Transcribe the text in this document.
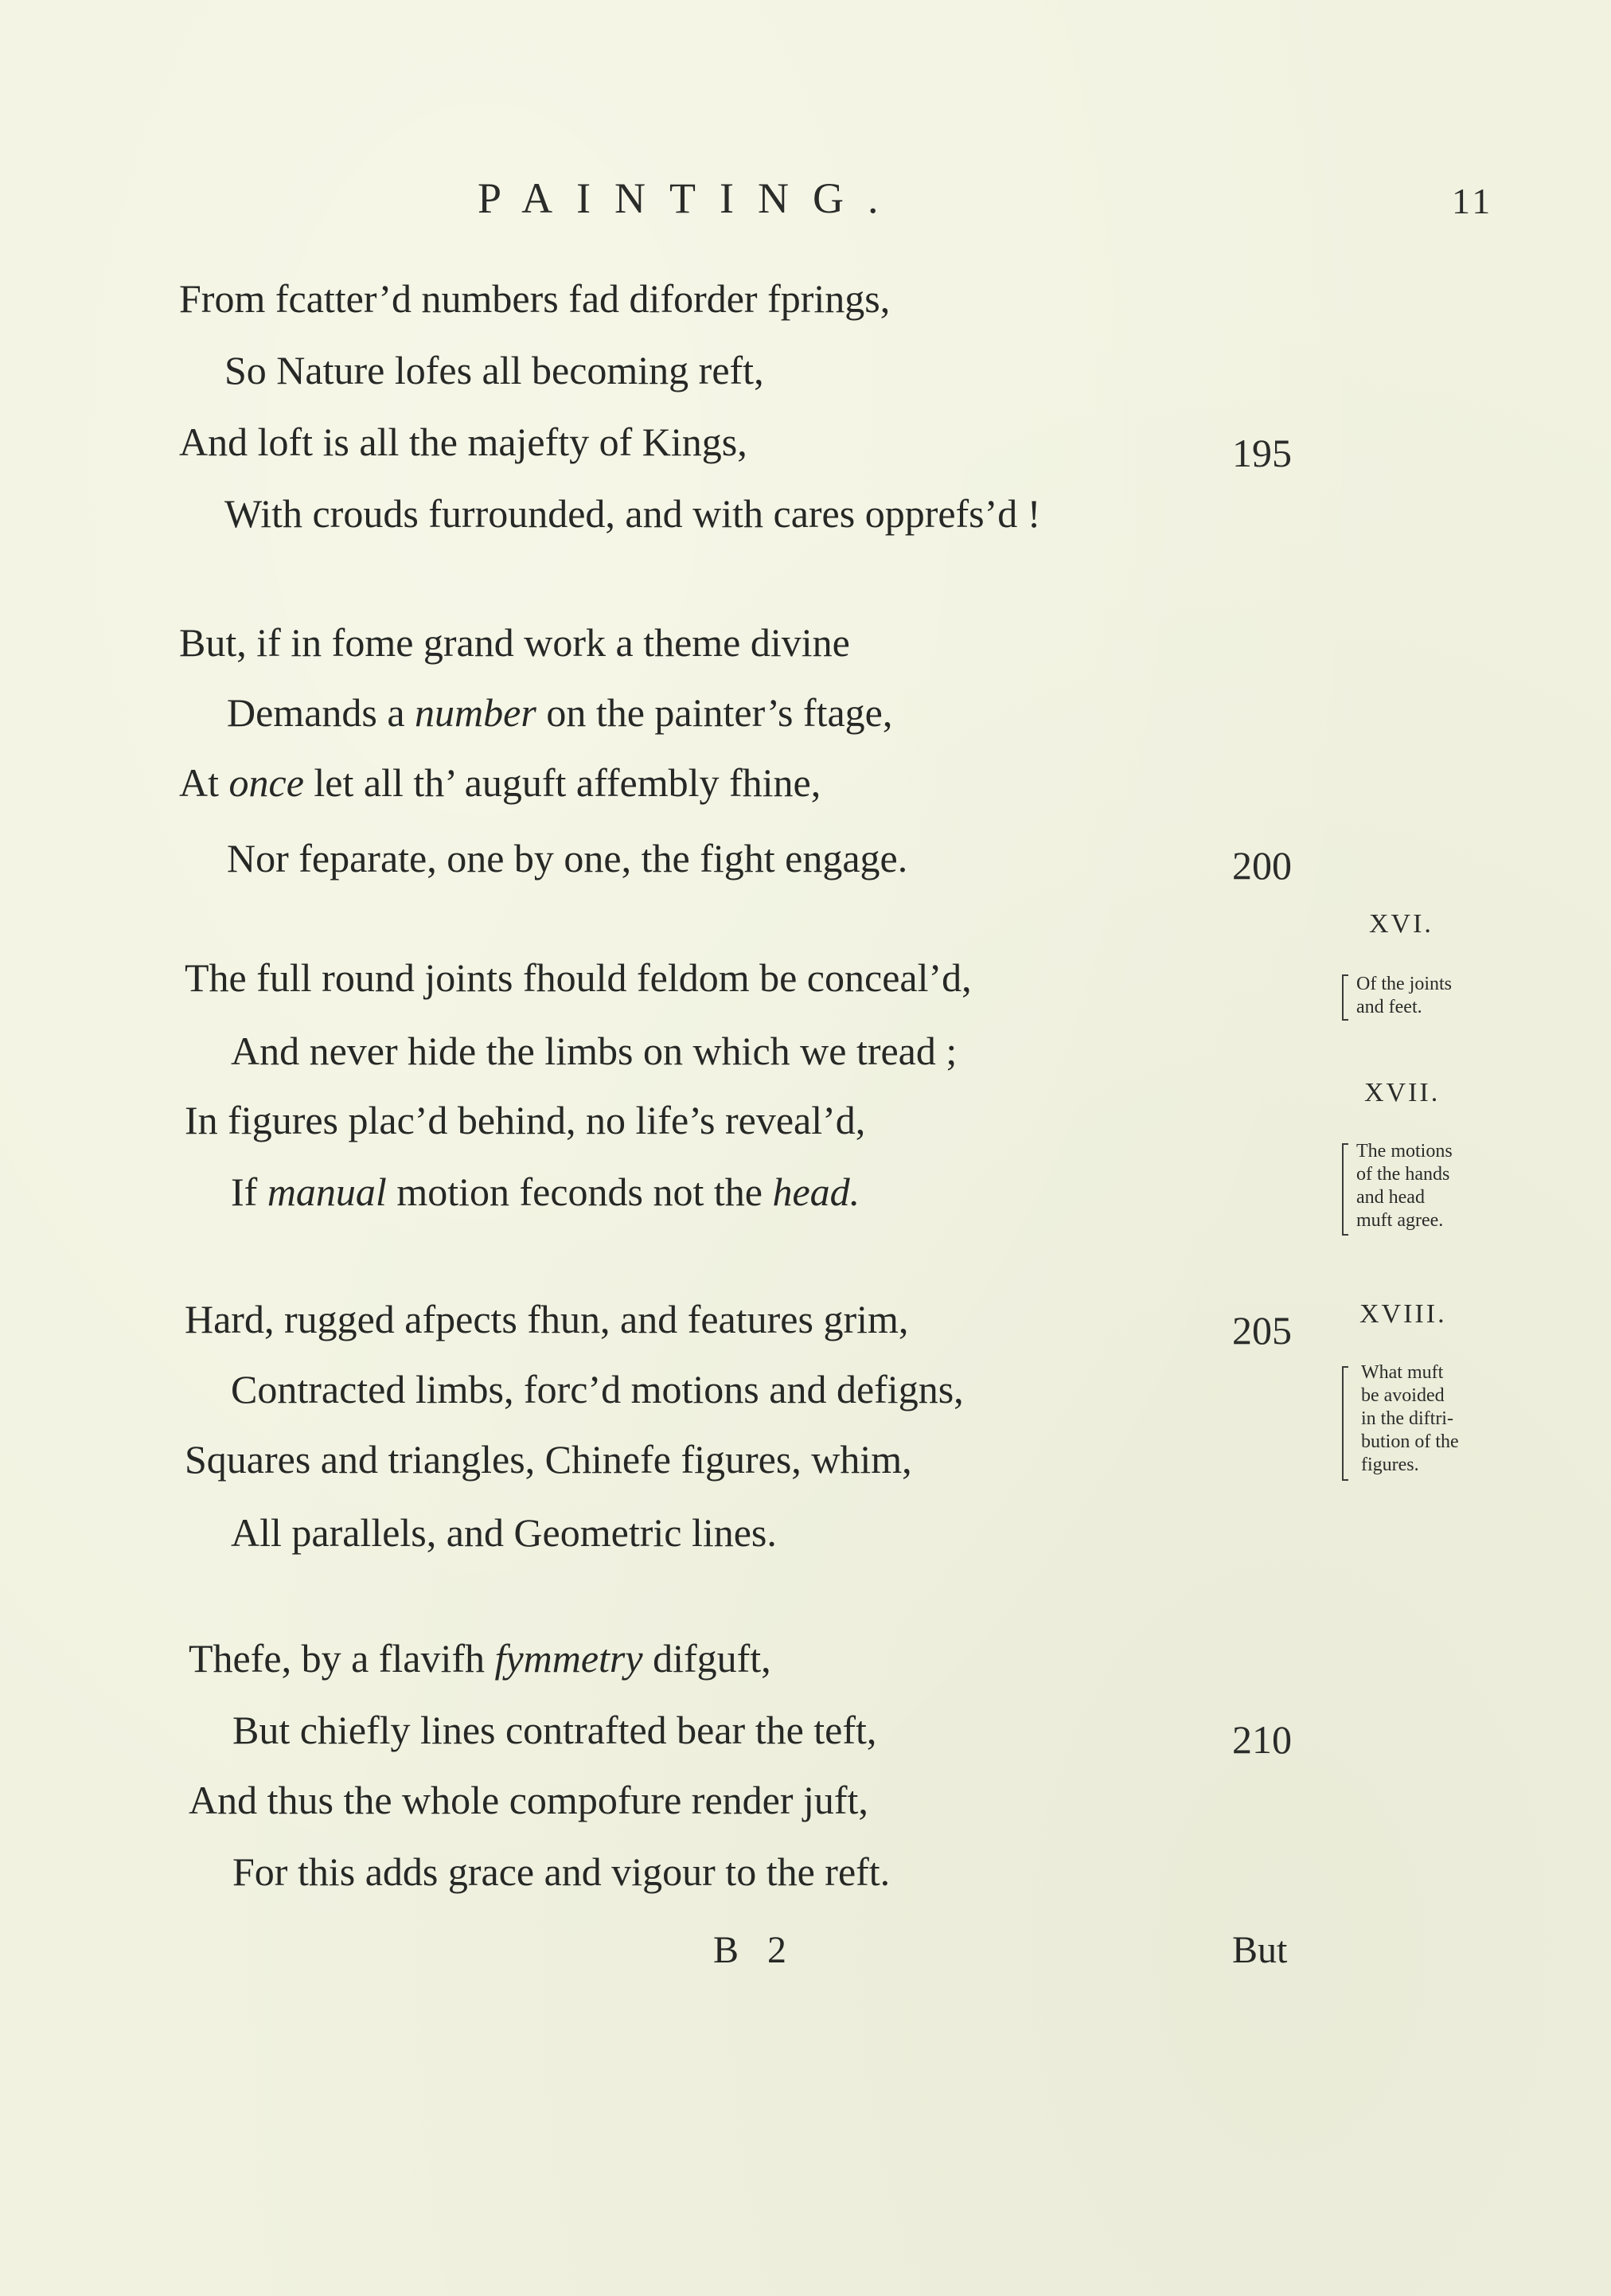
PAINTING.	11
From fcatter’d numbers fad diforder fprings,
So Nature lofes all becoming reft,
And loft is all the majefty of Kings,
With crouds furrounded, and with cares opprefs’d !
But, if in fome grand work a theme divine
Demands a number on the painter’s ftage,
At once let all th’ auguft affembly fhine,
Nor feparate, one by one, the fight engage.
The full round joints fhould feldom be conceal’d,
And never hide the limbs on which we tread ;
In figures plac’d behind, no life’s reveal’d,
If manual motion feconds not the head.
Hard, rugged afpects fhun, and features grim,
Contracted limbs, forc’d motions and defigns,
Squares and triangles, Chinefe figures, whim,
All parallels, and Geometric lines.
Thefe, by a flavifh fymmetry difguft,
But chiefly lines contrafted bear the teft,
And thus the whole compofure render juft,
For this adds grace and vigour to the reft.
195
200
205
210
XVI.
Of the joints
and feet.
XVII.
The motions
of the hands
and head
muft agree.
XVIII.
What muft
be avoided
in the diftri-
bution of the
figures.
B 2	But
